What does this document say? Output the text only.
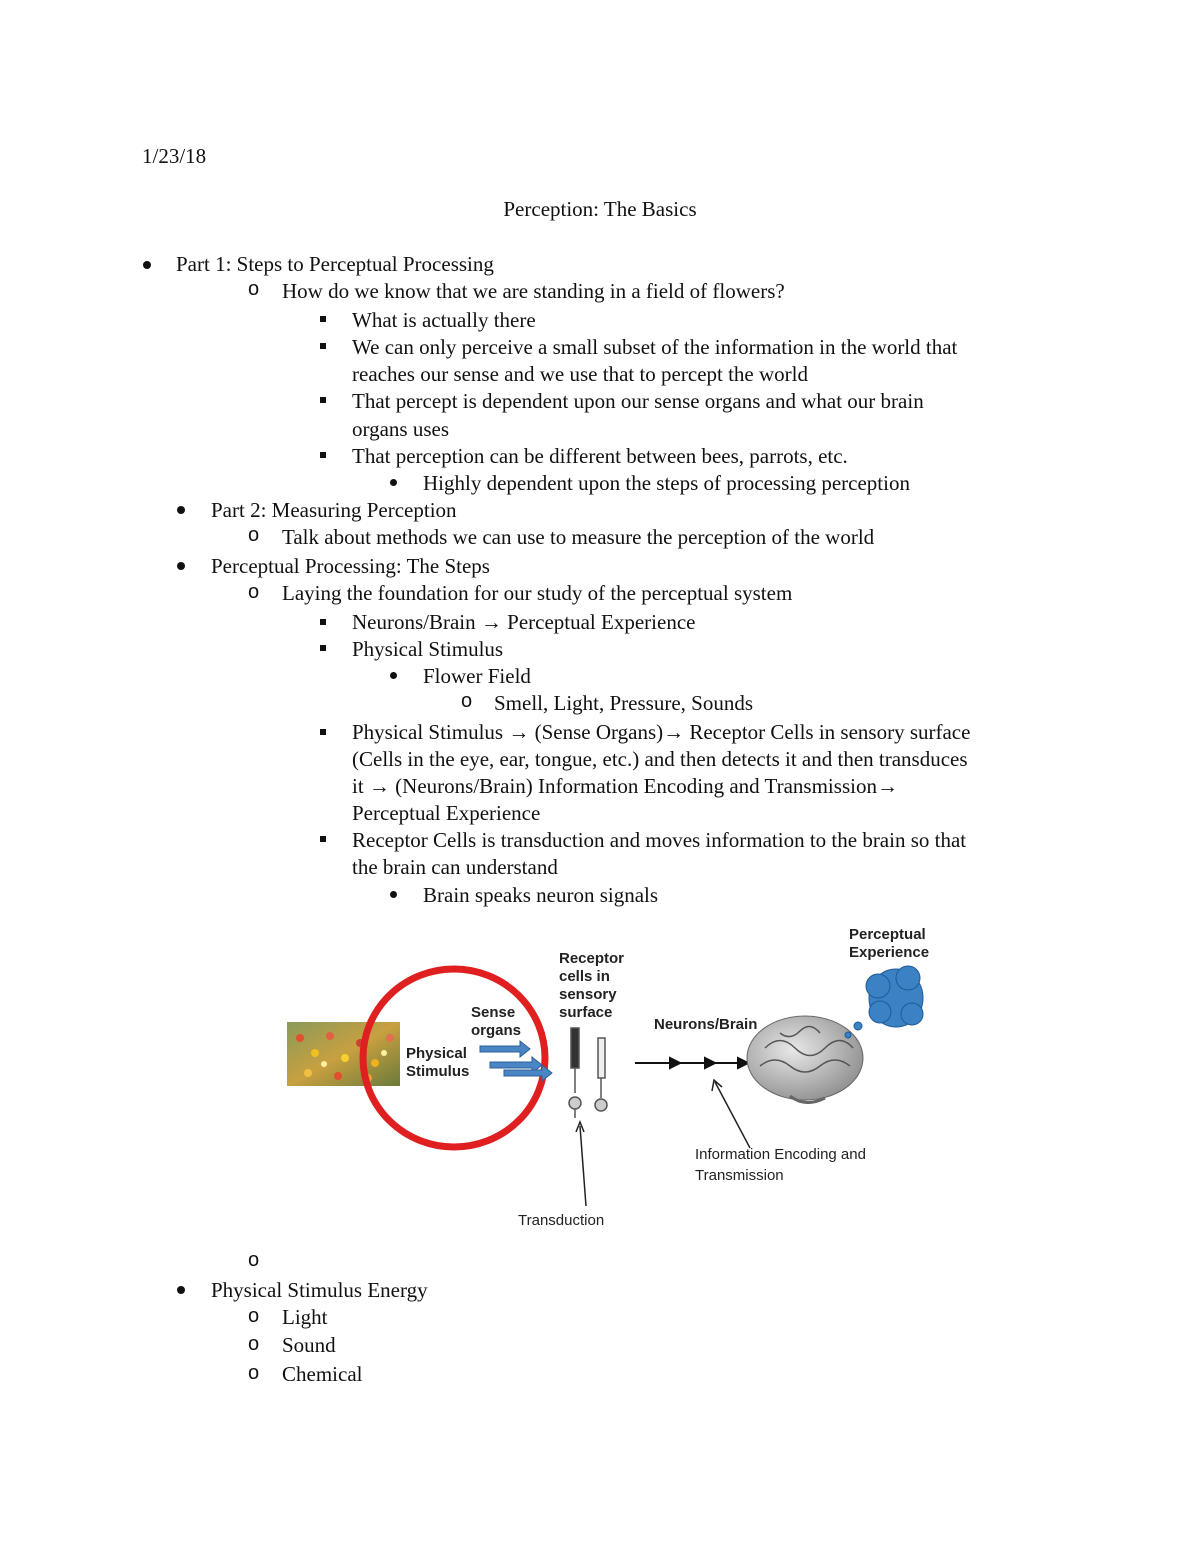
1/23/18
Perception: The Basics
Part 1: Steps to Perceptual Processing
o How do we know that we are standing in a field of flowers?
What is actually there
We can only perceive a small subset of the information in the world that
reaches our sense and we use that to percept the world
That percept is dependent upon our sense organs and what our brain
organs uses
That perception can be different between bees, parrots, etc.
Highly dependent upon the steps of processing perception
Part 2: Measuring Perception
o Talk about methods we can use to measure the perception of the world
Perceptual Processing: The Steps
o Laying the foundation for our study of the perceptual system
Neurons/Brain → Perceptual Experience
Physical Stimulus
Flower Field
o Smell, Light, Pressure, Sounds
Physical Stimulus → (Sense Organs)→ Receptor Cells in sensory surface
(Cells in the eye, ear, tongue, etc.) and then detects it and then transduces
it → (Neurons/Brain) Information Encoding and Transmission→
Perceptual Experience
Receptor Cells is transduction and moves information to the brain so that
the brain can understand
Brain speaks neuron signals
Physical
Stimulus
Sense
organs
Receptor
cells in
sensory
surface
Neurons/Brain
Perceptual
Experience
Information Encoding and
Transmission
Transduction
o
Physical Stimulus Energy
o Light
o Sound
o Chemical
